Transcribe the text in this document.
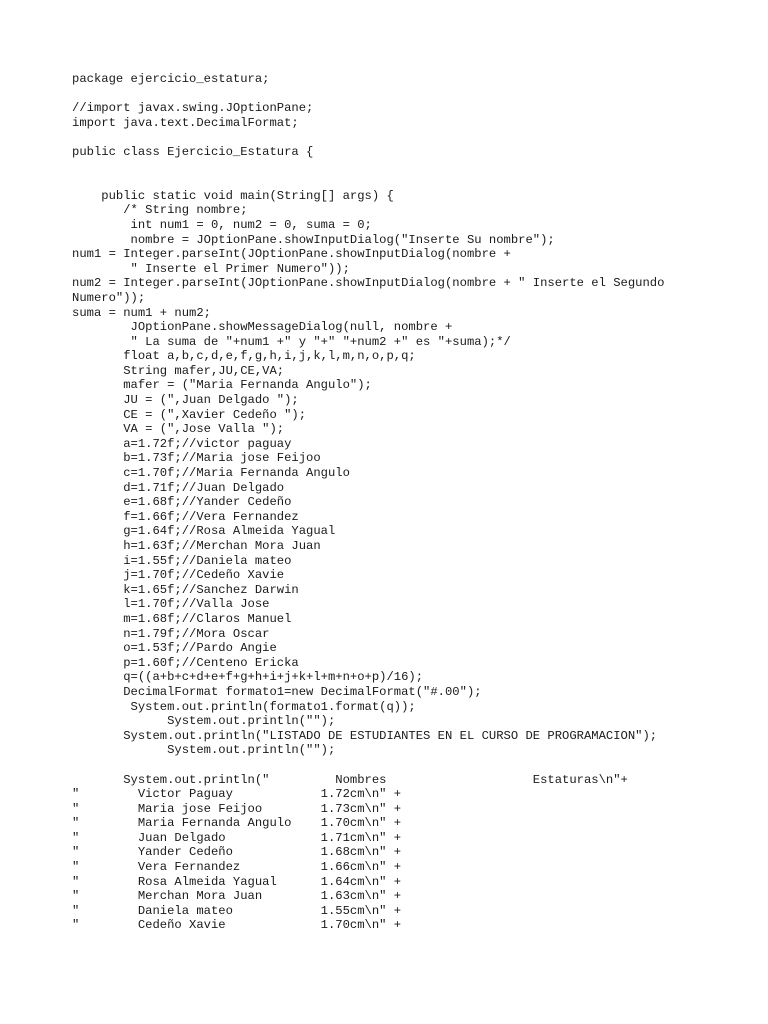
package ejercicio_estatura;
//import javax.swing.JOptionPane;
import java.text.DecimalFormat;
public class Ejercicio_Estatura {
public static void main(String[] args) {
/* String nombre;
int num1 = 0, num2 = 0, suma = 0;
nombre = JOptionPane.showInputDialog("Inserte Su nombre");
num1 = Integer.parseInt(JOptionPane.showInputDialog(nombre +
" Inserte el Primer Numero"));
num2 = Integer.parseInt(JOptionPane.showInputDialog(nombre + " Inserte el Segundo
Numero"));
suma = num1 + num2;
JOptionPane.showMessageDialog(null, nombre +
" La suma de "+num1 +" y "+" "+num2 +" es "+suma);*/
float a,b,c,d,e,f,g,h,i,j,k,l,m,n,o,p,q;
String mafer,JU,CE,VA;
mafer = ("Maria Fernanda Angulo");
JU = (",Juan Delgado ");
CE = (",Xavier Cedeño ");
VA = (",Jose Valla ");
a=1.72f;//victor paguay
b=1.73f;//Maria jose Feijoo
c=1.70f;//Maria Fernanda Angulo
d=1.71f;//Juan Delgado
e=1.68f;//Yander Cedeño
f=1.66f;//Vera Fernandez
g=1.64f;//Rosa Almeida Yagual
h=1.63f;//Merchan Mora Juan
i=1.55f;//Daniela mateo
j=1.70f;//Cedeño Xavie
k=1.65f;//Sanchez Darwin
l=1.70f;//Valla Jose
m=1.68f;//Claros Manuel
n=1.79f;//Mora Oscar
o=1.53f;//Pardo Angie
p=1.60f;//Centeno Ericka
q=((a+b+c+d+e+f+g+h+i+j+k+l+m+n+o+p)/16);
DecimalFormat formato1=new DecimalFormat("#.00");
System.out.println(formato1.format(q));
System.out.println("");
System.out.println("LISTADO DE ESTUDIANTES EN EL CURSO DE PROGRAMACION");
System.out.println("");
System.out.println("         Nombres                    Estaturas\n"+
"        Victor Paguay            1.72cm\n" +
"        Maria jose Feijoo        1.73cm\n" +
"        Maria Fernanda Angulo    1.70cm\n" +
"        Juan Delgado             1.71cm\n" +
"        Yander Cedeño            1.68cm\n" +
"        Vera Fernandez           1.66cm\n" +
"        Rosa Almeida Yagual      1.64cm\n" +
"        Merchan Mora Juan        1.63cm\n" +
"        Daniela mateo            1.55cm\n" +
"        Cedeño Xavie             1.70cm\n" +
